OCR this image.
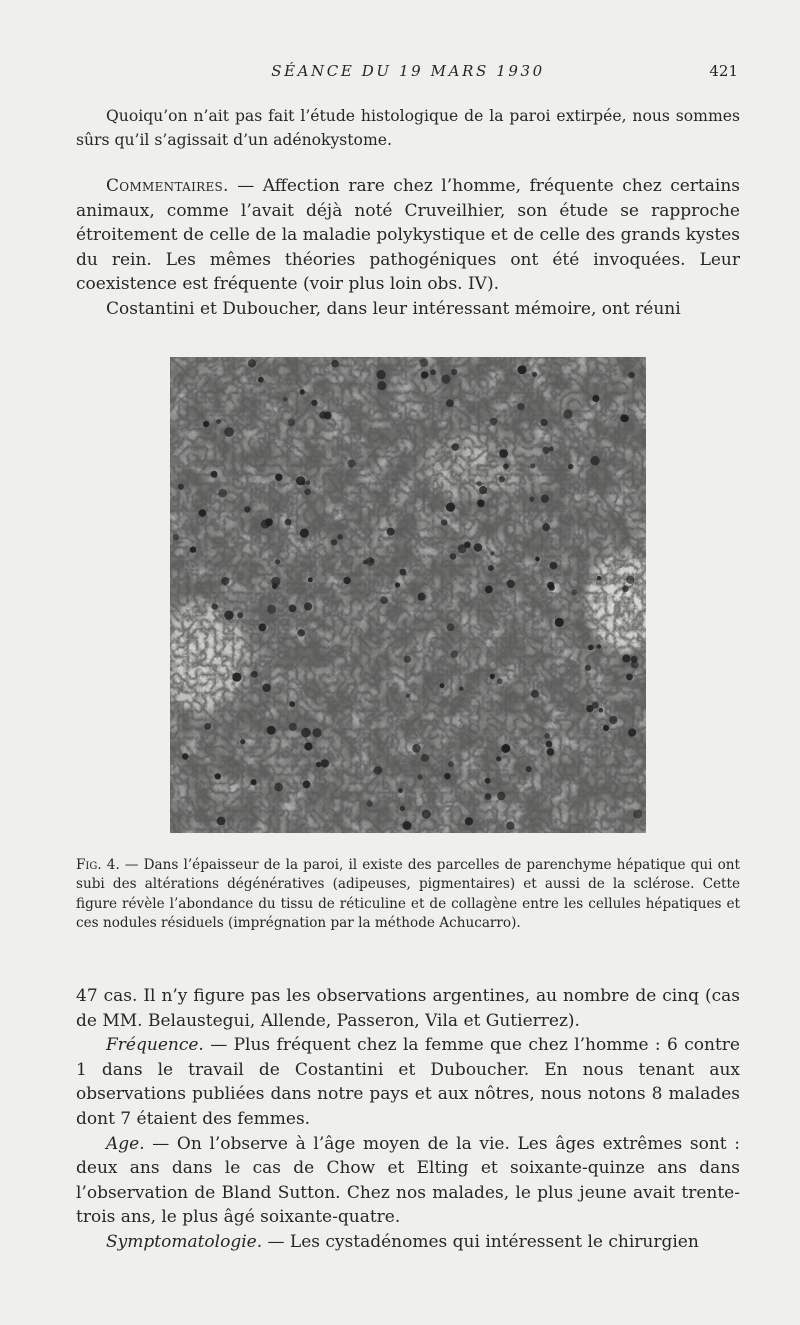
SÉANCE DU 19 MARS 1930	421

Quoiqu’on n’ait pas fait l’étude histologique de la paroi extirpée, nous sommes sûrs qu’il s’agissait d’un adénokystome.

Commentaires. — Affection rare chez l’homme, fréquente chez certains animaux, comme l’avait déjà noté Cruveilhier, son étude se rapproche étroitement de celle de la maladie polykystique et de celle des grands kystes du rein. Les mêmes théories pathogéniques ont été invoquées. Leur coexistence est fréquente (voir plus loin obs. IV).

Costantini et Duboucher, dans leur intéressant mémoire, ont réuni

Fig. 4. — Dans l’épaisseur de la paroi, il existe des parcelles de parenchyme hépatique qui ont subi des altérations dégénératives (adipeuses, pigmentaires) et aussi de la sclérose. Cette figure révèle l’abondance du tissu de réticuline et de collagène entre les cellules hépatiques et ces nodules résiduels (imprégnation par la méthode Achucarro).

47 cas. Il n’y figure pas les observations argentines, au nombre de cinq (cas de MM. Belaustegui, Allende, Passeron, Vila et Gutierrez).

Fréquence. — Plus fréquent chez la femme que chez l’homme : 6 contre 1 dans le travail de Costantini et Duboucher. En nous tenant aux observations publiées dans notre pays et aux nôtres, nous notons 8 malades dont 7 étaient des femmes.

Age. — On l’observe à l’âge moyen de la vie. Les âges extrêmes sont : deux ans dans le cas de Chow et Elting et soixante-quinze ans dans l’observation de Bland Sutton. Chez nos malades, le plus jeune avait trente-trois ans, le plus âgé soixante-quatre.

Symptomatologie. — Les cystadénomes qui intéressent le chirurgien
